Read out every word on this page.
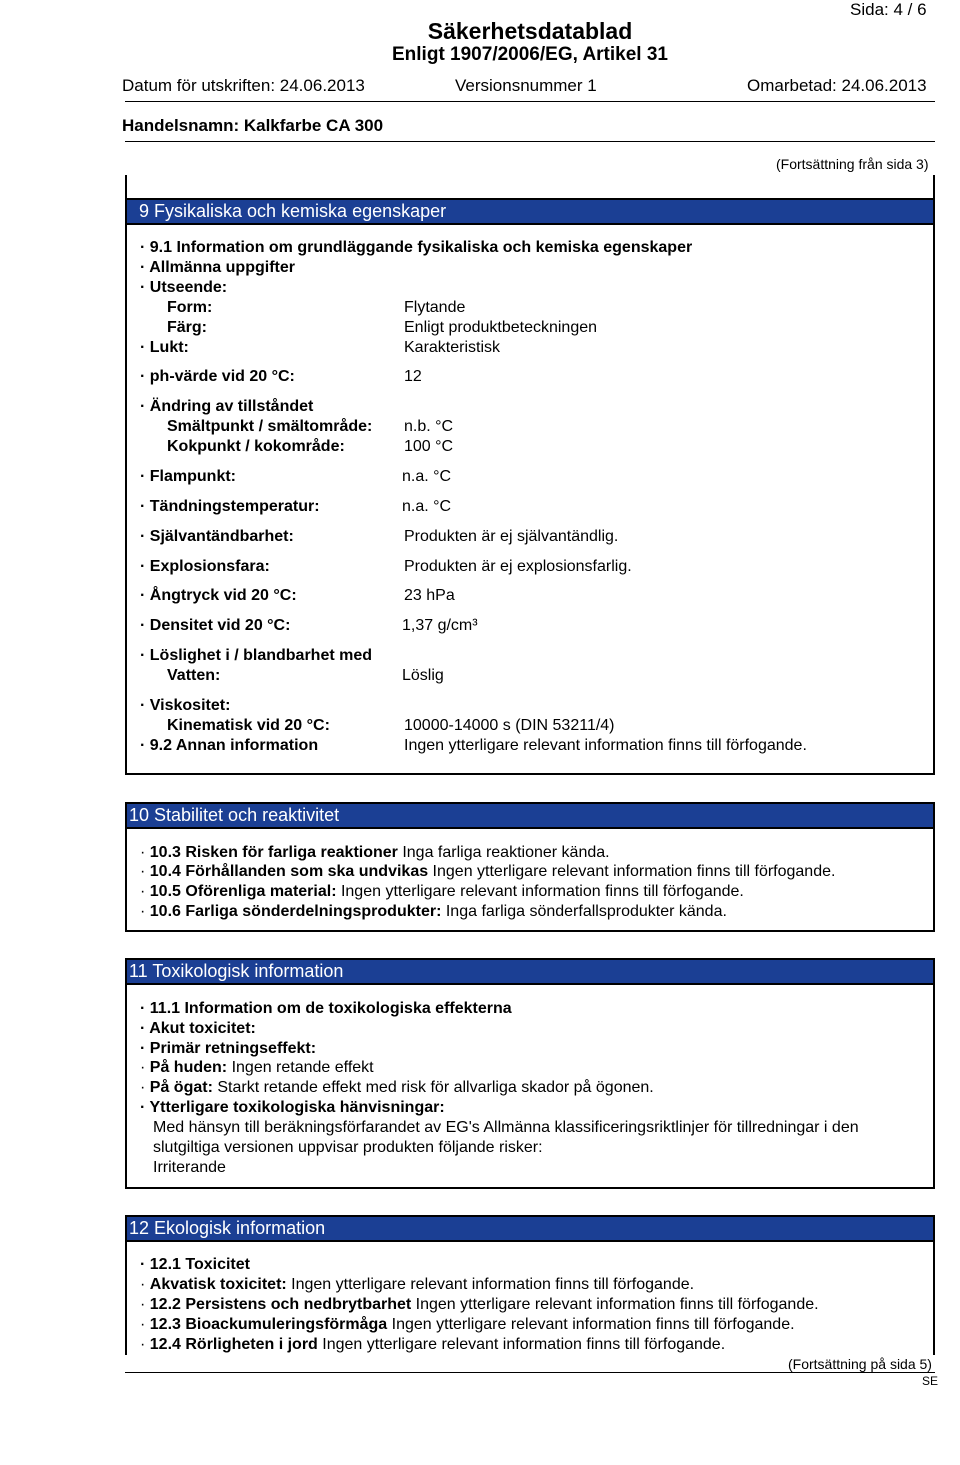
Sida: 4 / 6
Säkerhetsdatablad
Enligt 1907/2006/EG, Artikel 31
Datum för utskriften: 24.06.2013	Versionsnummer 1	Omarbetad: 24.06.2013
Handelsnamn: Kalkfarbe CA 300
(Fortsättning från sida 3)
9 Fysikaliska och kemiska egenskaper
· 9.1 Information om grundläggande fysikaliska och kemiska egenskaper
· Allmänna uppgifter
· Utseende:
Form:	Flytande
Färg:	Enligt produktbeteckningen
· Lukt:	Karakteristisk
· ph-värde vid 20 °C:	12
· Ändring av tillståndet
Smältpunkt / smältområde: n.b. °C
Kokpunkt / kokområde:	100 °C
· Flampunkt:	n.a. °C
· Tändningstemperatur:	n.a. °C
· Självantändbarhet:	Produkten är ej självantändlig.
· Explosionsfara:	Produkten är ej explosionsfarlig.
· Ångtryck vid 20 °C:	23 hPa
· Densitet vid 20 °C:	1,37 g/cm³
· Löslighet i / blandbarhet med
Vatten:	Löslig
· Viskositet:
Kinematisk vid 20 °C:	10000-14000 s (DIN 53211/4)
· 9.2 Annan information	Ingen ytterligare relevant information finns till förfogande.
10 Stabilitet och reaktivitet
· 10.3 Risken för farliga reaktioner Inga farliga reaktioner kända.
· 10.4 Förhållanden som ska undvikas Ingen ytterligare relevant information finns till förfogande.
· 10.5 Oförenliga material: Ingen ytterligare relevant information finns till förfogande.
· 10.6 Farliga sönderdelningsprodukter: Inga farliga sönderfallsprodukter kända.
11 Toxikologisk information
· 11.1 Information om de toxikologiska effekterna
· Akut toxicitet:
· Primär retningseffekt:
· På huden: Ingen retande effekt
· På ögat: Starkt retande effekt med risk för allvarliga skador på ögonen.
· Ytterligare toxikologiska hänvisningar:
Med hänsyn till beräkningsförfarandet av EG's Allmänna klassificeringsriktlinjer för tillredningar i den
slutgiltiga versionen uppvisar produkten följande risker:
Irriterande
12 Ekologisk information
· 12.1 Toxicitet
· Akvatisk toxicitet: Ingen ytterligare relevant information finns till förfogande.
· 12.2 Persistens och nedbrytbarhet Ingen ytterligare relevant information finns till förfogande.
· 12.3 Bioackumuleringsförmåga Ingen ytterligare relevant information finns till förfogande.
· 12.4 Rörligheten i jord Ingen ytterligare relevant information finns till förfogande.
(Fortsättning på sida 5)
SE
